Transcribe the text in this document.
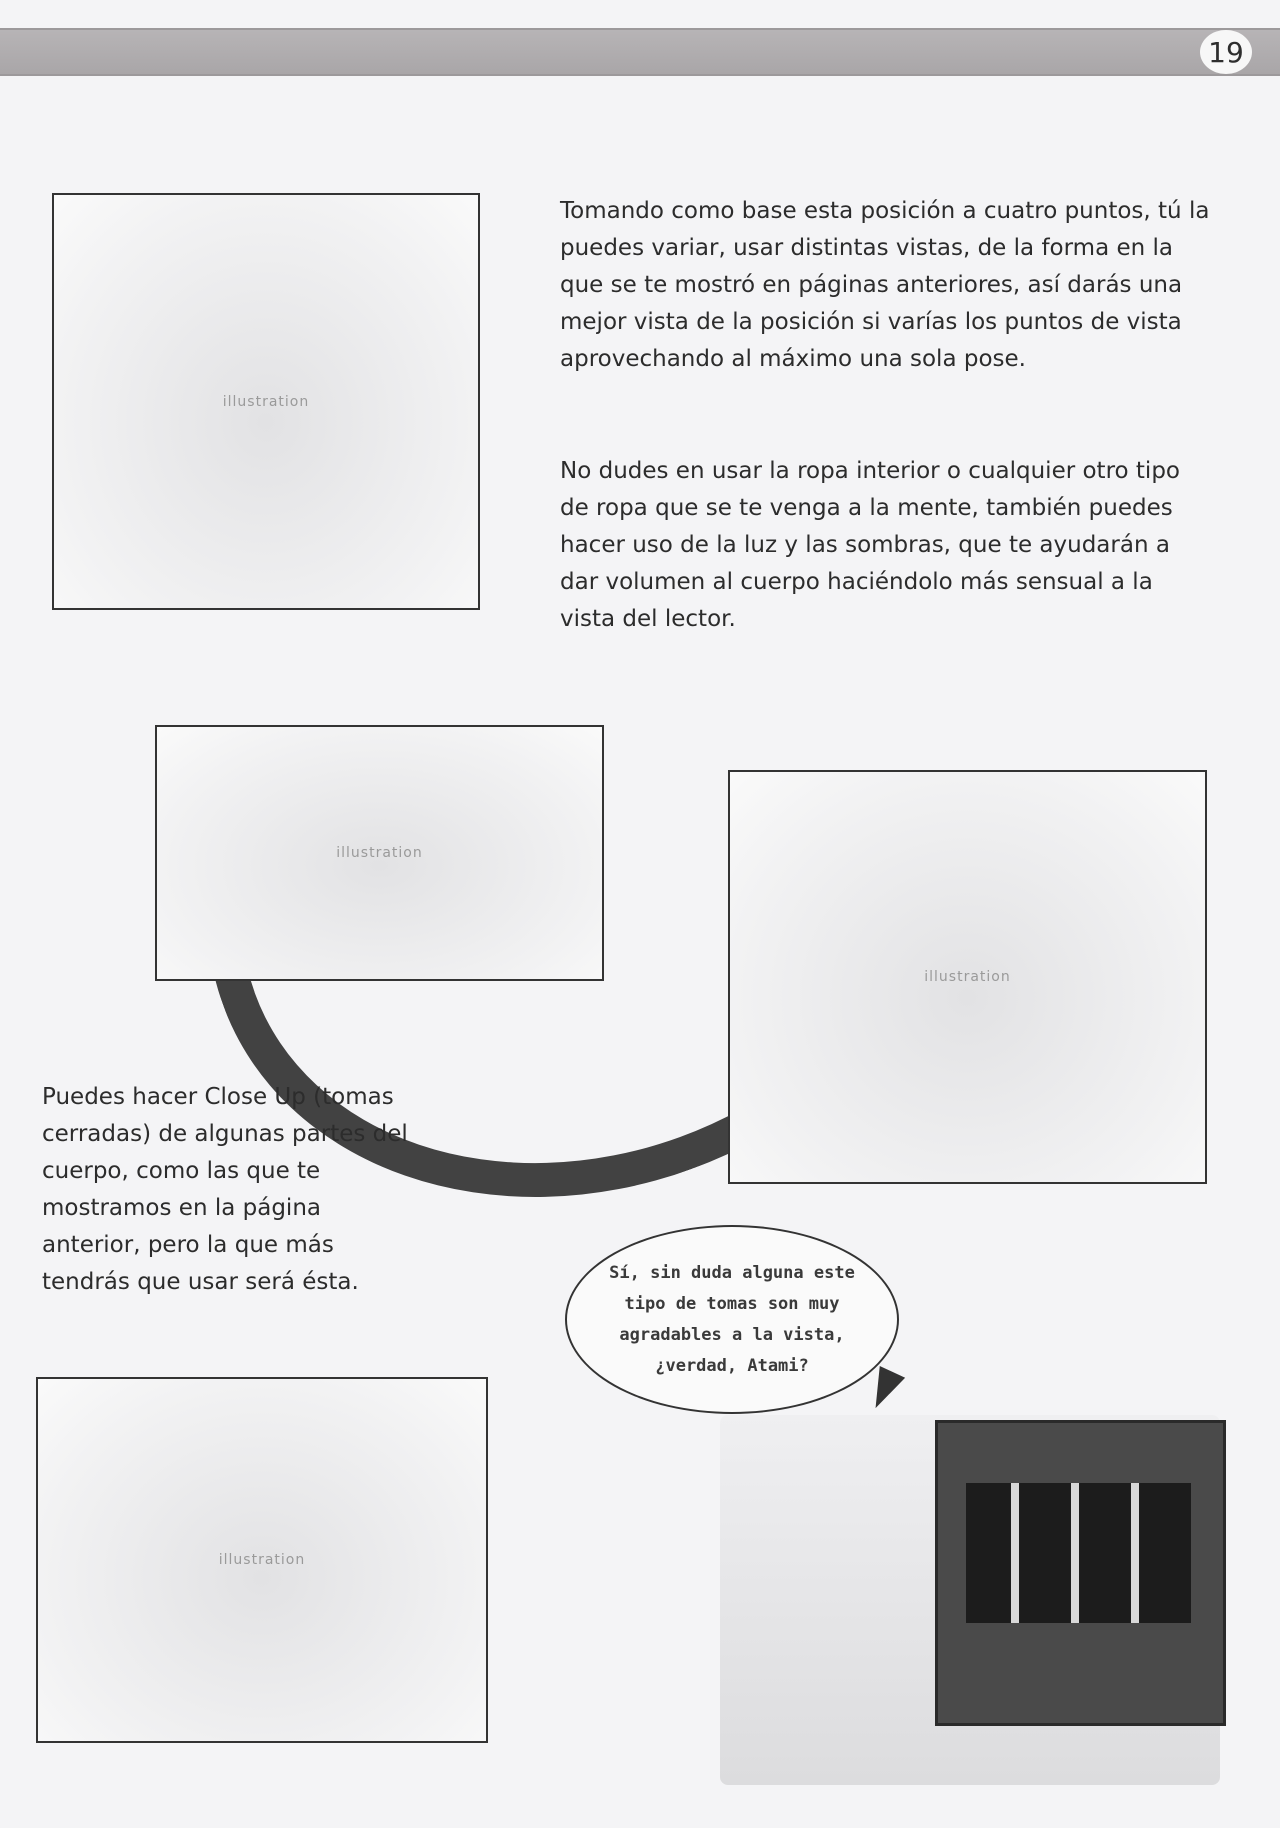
19
illustration
illustration
illustration
illustration

Tomando como base esta posición a cuatro puntos, tú la puedes variar, usar distintas vistas, de la forma en la que se te mostró en páginas anteriores, así darás una mejor vista de la posición si varías los puntos de vista aprovechando al máximo una sola pose.

No dudes en usar la ropa interior o cualquier otro tipo de ropa que se te venga a la mente, también puedes hacer uso de la luz y las sombras, que te ayudarán a dar volumen al cuerpo haciéndolo más sensual a la vista del lector.

Puedes hacer Close Up (tomas cerradas) de algunas partes del cuerpo, como las que te mostramos en la página anterior, pero la que más tendrás que usar será ésta.	Sí, sin duda alguna este tipo de tomas son muy agradables a la vista, ¿verdad, Atami?
